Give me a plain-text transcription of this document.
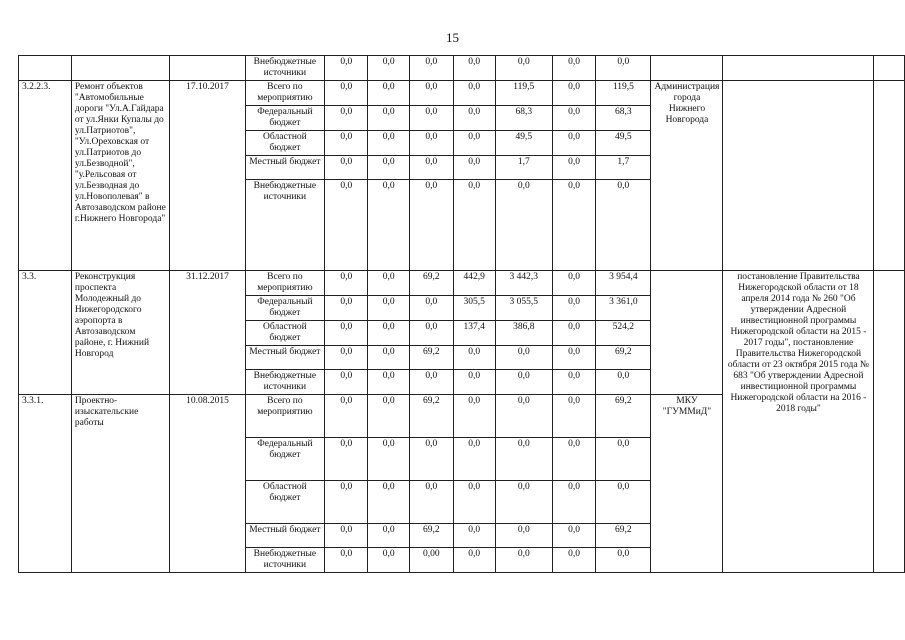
15
			Внебюджетные источники	0,0	0,0	0,0	0,0	0,0	0,0	0,0			
3.2.2.3.	Ремонт объектов "Автомобильные дороги "Ул.А.Гайдара от ул.Янки Купалы до ул.Патриотов", "Ул.Ореховская от ул.Патриотов до ул.Безводной", "у.Рельсовая от ул.Безводная до ул.Новополевая" в Автозаводском районе г.Нижнего Новгорода"	17.10.2017	Всего по мероприятию	0,0	0,0	0,0	0,0	119,5	0,0	119,5	Администрация города Нижнего Новгорода		
			Федеральный бюджет	0,0	0,0	0,0	0,0	68,3	0,0	68,3			
			Областной бюджет	0,0	0,0	0,0	0,0	49,5	0,0	49,5			
			Местный бюджет	0,0	0,0	0,0	0,0	1,7	0,0	1,7			
			Внебюджетные источники	0,0	0,0	0,0	0,0	0,0	0,0	0,0			
3.3.	Реконструкция проспекта Молодежный до Нижегородского аэропорта в Автозаводском районе, г. Нижний Новгород	31.12.2017	Всего по мероприятию	0,0	0,0	69,2	442,9	3 442,3	0,0	3 954,4		постановление Правительства Нижегородской области от 18 апреля 2014 года № 260 "Об утверждении Адресной инвестиционной программы Нижегородской области на 2015 - 2017 годы", постановление Правительства Нижегородской области от 23 октября 2015 года № 683 "Об утверждении Адресной инвестиционной программы Нижегородской области на 2016 - 2018 годы"	
			Федеральный бюджет	0,0	0,0	0,0	305,5	3 055,5	0,0	3 361,0			
			Областной бюджет	0,0	0,0	0,0	137,4	386,8	0,0	524,2			
			Местный бюджет	0,0	0,0	69,2	0,0	0,0	0,0	69,2			
			Внебюджетные источники	0,0	0,0	0,0	0,0	0,0	0,0	0,0			
3.3.1.	Проектно-изыскательские работы	10.08.2015	Всего по мероприятию	0,0	0,0	69,2	0,0	0,0	0,0	69,2	МКУ "ГУММиД"		
			Федеральный бюджет	0,0	0,0	0,0	0,0	0,0	0,0	0,0			
			Областной бюджет	0,0	0,0	0,0	0,0	0,0	0,0	0,0			
			Местный бюджет	0,0	0,0	69,2	0,0	0,0	0,0	69,2			
			Внебюджетные источники	0,0	0,0	0,00	0,0	0,0	0,0	0,0			
